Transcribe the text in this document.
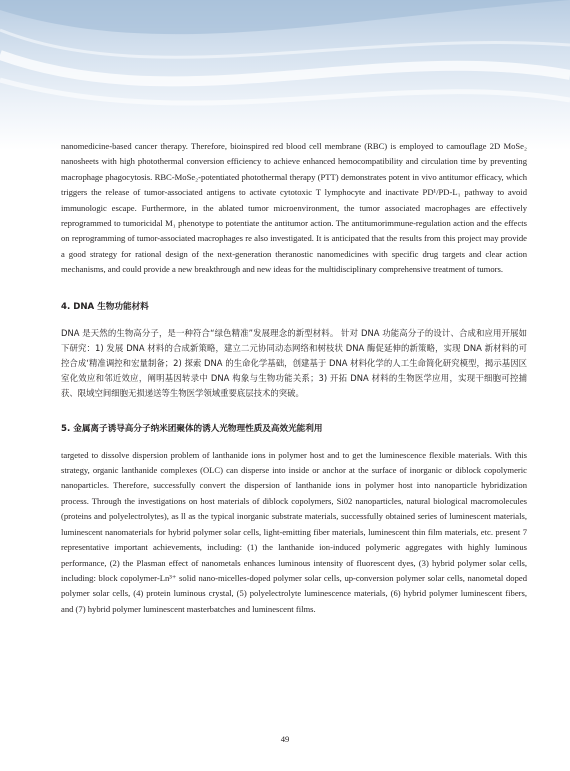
nanomedicine-based cancer therapy. Therefore, bioinspired red blood cell membrane (RBC) is employed to camouflage 2D MoSe₂ nanosheets with high photothermal conversion efficiency to achieve enhanced hemocompatibility and circulation time by preventing macrophage phagocytosis. RBC-MoSe₂-potentiated photothermal therapy (PTT) demonstrates potent in vivo antitumor efficacy, which triggers the release of tumor-associated antigens to activate cytotoxic T lymphocyte and inactivate PD¹/PD-L₁ pathway to avoid immunologic escape. Furthermore, in the ablated tumor microenvironment, the tumor associated macrophages are effectively reprogrammed to tumoricidal M₁ phenotype to potentiate the antitumor action. The antitumorimmune-regulation action and the effects on reprogramming of tumor-associated macrophages re also investigated. It is anticipated that the results from this project may provide a good strategy for rational design of the next-generation theranostic nanomedicines with specific drug targets and clear action mechanisms, and could provide a new breakthrough and new ideas for the multidisciplinary comprehensive treatment of tumors.

4. DNA 生物功能材料

DNA 是天然的生物高分子，是一种符合“绿色精准”发展理念的新型材料。 针对 DNA 功能高分子的设计、合成和应用开展如下研究：1) 发展 DNA 材料的合成新策略，建立二元协同动态网络和树枝状 DNA 酶促延伸的新策略，实现 DNA 新材料的可控合成‘精准调控和宏量制备；2) 探索 DNA 的生命化学基础，创建基于 DNA 材料化学的人工生命简化研究模型，揭示基因区室化效应和邻近效应，阐明基因转录中 DNA 构象与生物功能关系；3) 开拓 DNA 材料的生物医学应用，实现干细胞可控捕获、限域空间细胞无损递送等生物医学领域重要底层技术的突破。

5. 金属离子诱导高分子纳米团聚体的诱人光物理性质及高效光能利用

targeted to dissolve dispersion problem of lanthanide ions in polymer host and to get the luminescence flexible materials. With this strategy, organic lanthanide complexes (OLC) can disperse into inside or anchor at the surface of inorganic or diblock copolymeric nanoparticles. Therefore, successfully convert the dispersion of lanthanide ions in polymer host into nanoparticle hybridization process. Through the investigations on host materials of diblock copolymers, Si02 nanoparticles, natural biological macromolecules (proteins and polyelectrolytes), as ll as the typical inorganic substrate materials, successfully obtained series of luminescent materials, luminescent nanomaterials for hybrid polymer solar cells, light-emitting fiber materials, luminescent thin film materials, etc. present 7 representative important achievements, including: (1) the lanthanide ion-induced polymeric aggregates with highly luminous performance, (2) the Plasman effect of nanometals enhances luminous intensity of fluorescent dyes, (3) hybrid polymer solar cells, including: block copolymer-Ln³⁺ solid nano-micelles-doped polymer solar cells, up-conversion polymer solar cells, nanometal doped polymer solar cells, (4) protein luminous crystal, (5) polyelectrolyte luminescence materials, (6) hybrid polymer luminescent fibers, and (7) hybrid polymer luminescent masterbatches and luminescent films.

49
